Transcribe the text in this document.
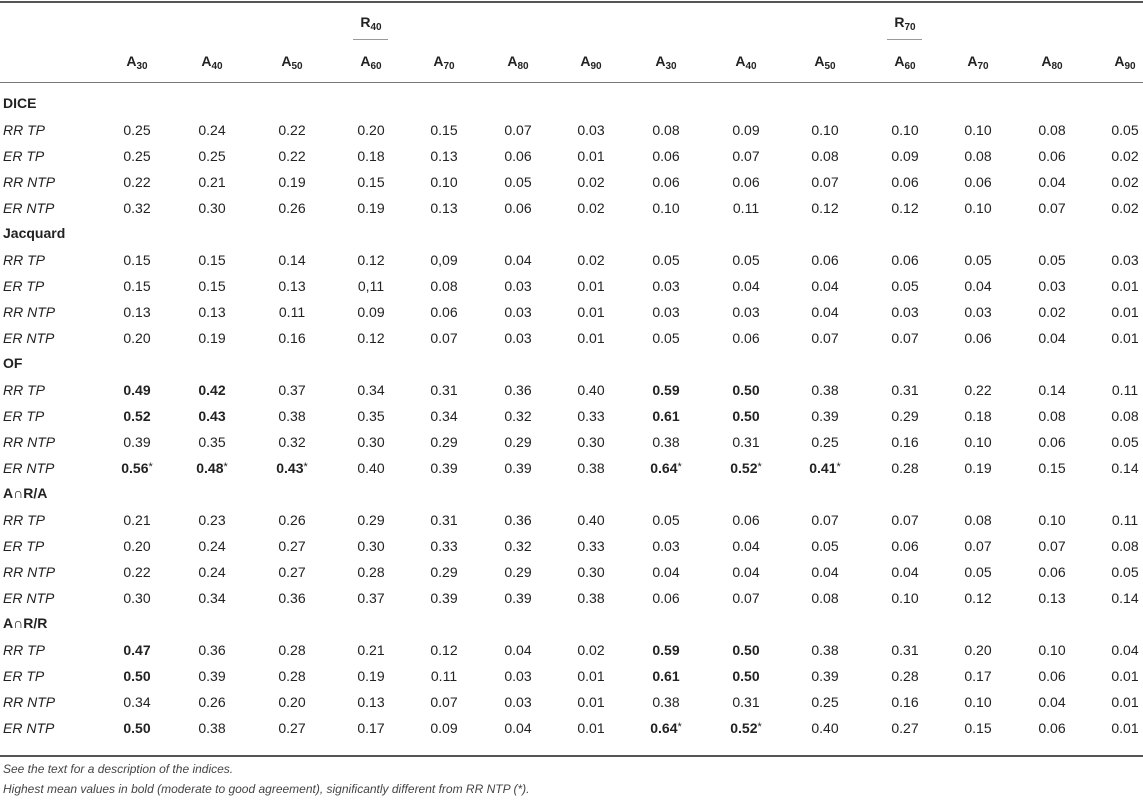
$R_{40}$	$R_{70}$
$A_{30}$	$A_{40}$	$A_{50}$	$A_{60}$	$A_{70}$	$A_{80}$	$A_{90}$	$A_{30}$	$A_{40}$	$A_{50}$	$A_{60}$	$A_{70}$	$A_{80}$	$A_{90}$
DICE
RR TP	0.25	0.24	0.22	0.20	0.15	0.07	0.03	0.08	0.09	0.10	0.10	0.10	0.08	0.05
ER TP	0.25	0.25	0.22	0.18	0.13	0.06	0.01	0.06	0.07	0.08	0.09	0.08	0.06	0.02
RR NTP	0.22	0.21	0.19	0.15	0.10	0.05	0.02	0.06	0.06	0.07	0.06	0.06	0.04	0.02
ER NTP	0.32	0.30	0.26	0.19	0.13	0.06	0.02	0.10	0.11	0.12	0.12	0.10	0.07	0.02
Jacquard
RR TP	0.15	0.15	0.14	0.12	0,09	0.04	0.02	0.05	0.05	0.06	0.06	0.05	0.05	0.03
ER TP	0.15	0.15	0.13	0,11	0.08	0.03	0.01	0.03	0.04	0.04	0.05	0.04	0.03	0.01
RR NTP	0.13	0.13	0.11	0.09	0.06	0.03	0.01	0.03	0.03	0.04	0.03	0.03	0.02	0.01
ER NTP	0.20	0.19	0.16	0.12	0.07	0.03	0.01	0.05	0.06	0.07	0.07	0.06	0.04	0.01
OF
RR TP	0.49	0.42	0.37	0.34	0.31	0.36	0.40	0.59	0.50	0.38	0.31	0.22	0.14	0.11
ER TP	0.52	0.43	0.38	0.35	0.34	0.32	0.33	0.61	0.50	0.39	0.29	0.18	0.08	0.08
RR NTP	0.39	0.35	0.32	0.30	0.29	0.29	0.30	0.38	0.31	0.25	0.16	0.10	0.06	0.05
ER NTP	0.56*	0.48*	0.43*	0.40	0.39	0.39	0.38	0.64*	0.52*	0.41*	0.28	0.19	0.15	0.14
A∩R/A
RR TP	0.21	0.23	0.26	0.29	0.31	0.36	0.40	0.05	0.06	0.07	0.07	0.08	0.10	0.11
ER TP	0.20	0.24	0.27	0.30	0.33	0.32	0.33	0.03	0.04	0.05	0.06	0.07	0.07	0.08
RR NTP	0.22	0.24	0.27	0.28	0.29	0.29	0.30	0.04	0.04	0.04	0.04	0.05	0.06	0.05
ER NTP	0.30	0.34	0.36	0.37	0.39	0.39	0.38	0.06	0.07	0.08	0.10	0.12	0.13	0.14
A∩R/R
RR TP	0.47	0.36	0.28	0.21	0.12	0.04	0.02	0.59	0.50	0.38	0.31	0.20	0.10	0.04
ER TP	0.50	0.39	0.28	0.19	0.11	0.03	0.01	0.61	0.50	0.39	0.28	0.17	0.06	0.01
RR NTP	0.34	0.26	0.20	0.13	0.07	0.03	0.01	0.38	0.31	0.25	0.16	0.10	0.04	0.01
ER NTP	0.50	0.38	0.27	0.17	0.09	0.04	0.01	0.64*	0.52*	0.40	0.27	0.15	0.06	0.01
See the text for a description of the indices.
Highest mean values in bold (moderate to good agreement), significantly different from RR NTP (*).
